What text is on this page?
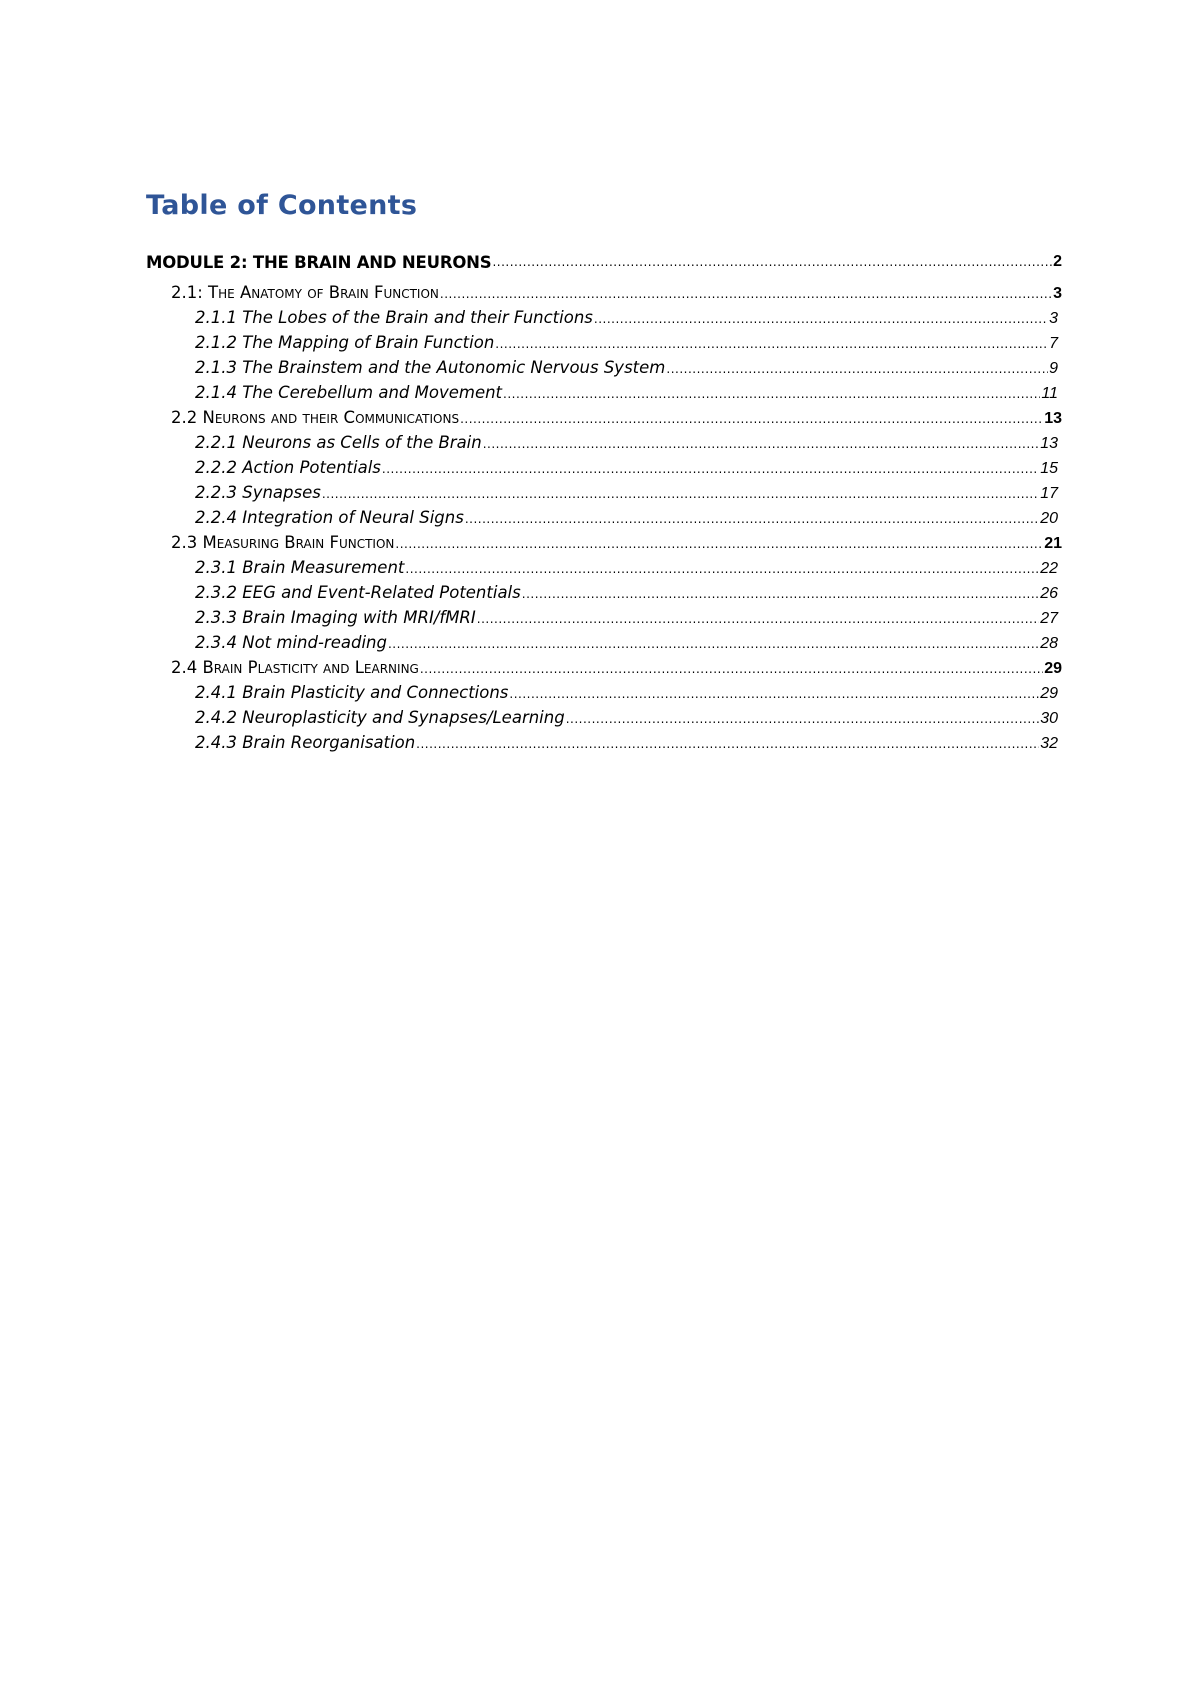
Table of Contents
MODULE 2: THE BRAIN AND NEURONS .....	2
2.1: The Anatomy of Brain Function .....	3
2.1.1 The Lobes of the Brain and their Functions .....	3
2.1.2 The Mapping of Brain Function .....	7
2.1.3 The Brainstem and the Autonomic Nervous System .....	9
2.1.4 The Cerebellum and Movement .....	11
2.2 Neurons and their Communications .....	13
2.2.1 Neurons as Cells of the Brain .....	13
2.2.2 Action Potentials .....	15
2.2.3 Synapses .....	17
2.2.4 Integration of Neural Signs .....	20
2.3 Measuring Brain Function .....	21
2.3.1 Brain Measurement .....	22
2.3.2 EEG and Event-Related Potentials .....	26
2.3.3 Brain Imaging with MRI/fMRI .....	27
2.3.4 Not mind-reading .....	28
2.4 Brain Plasticity and Learning .....	29
2.4.1 Brain Plasticity and Connections .....	29
2.4.2 Neuroplasticity and Synapses/Learning .....	30
2.4.3 Brain Reorganisation .....	32
